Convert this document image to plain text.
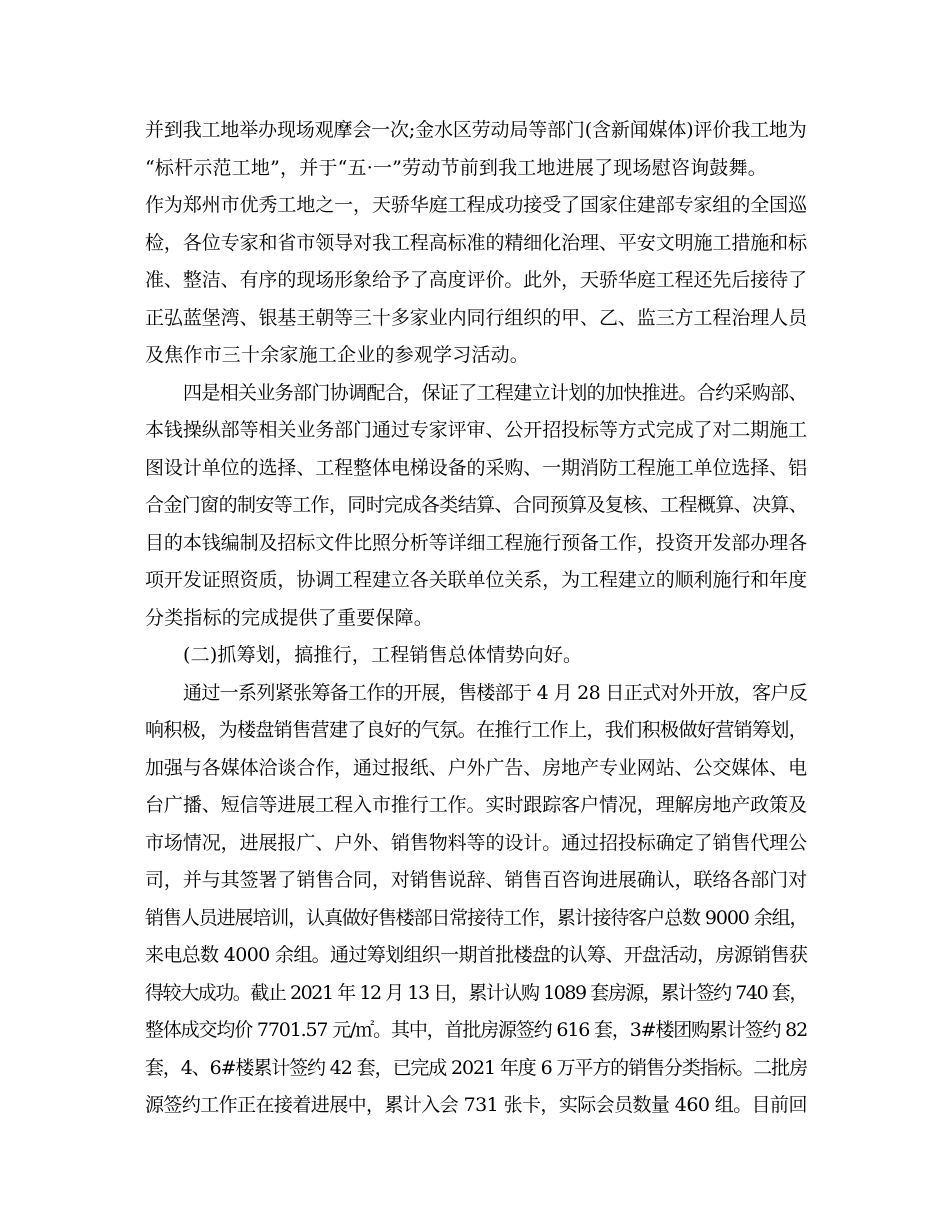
并到我工地举办现场观摩会一次;金水区劳动局等部门(含新闻媒体)评价我工地为
“标杆示范工地”，并于“五·一”劳动节前到我工地进展了现场慰咨询鼓舞。
作为郑州市优秀工地之一，天骄华庭工程成功接受了国家住建部专家组的全国巡
检，各位专家和省市领导对我工程高标准的精细化治理、平安文明施工措施和标
准、整洁、有序的现场形象给予了高度评价。此外，天骄华庭工程还先后接待了
正弘蓝堡湾、银基王朝等三十多家业内同行组织的甲、乙、监三方工程治理人员
及焦作市三十余家施工企业的参观学习活动。
四是相关业务部门协调配合，保证了工程建立计划的加快推进。合约采购部、
本钱操纵部等相关业务部门通过专家评审、公开招投标等方式完成了对二期施工
图设计单位的选择、工程整体电梯设备的采购、一期消防工程施工单位选择、铝
合金门窗的制安等工作，同时完成各类结算、合同预算及复核、工程概算、决算、
目的本钱编制及招标文件比照分析等详细工程施行预备工作，投资开发部办理各
项开发证照资质，协调工程建立各关联单位关系，为工程建立的顺利施行和年度
分类指标的完成提供了重要保障。
(二)抓筹划，搞推行，工程销售总体情势向好。
通过一系列紧张筹备工作的开展，售楼部于 4 月 28 日正式对外开放，客户反
响积极，为楼盘销售营建了良好的气氛。在推行工作上，我们积极做好营销筹划，
加强与各媒体洽谈合作，通过报纸、户外广告、房地产专业网站、公交媒体、电
台广播、短信等进展工程入市推行工作。实时跟踪客户情况，理解房地产政策及
市场情况，进展报广、户外、销售物料等的设计。通过招投标确定了销售代理公
司，并与其签署了销售合同，对销售说辞、销售百咨询进展确认，联络各部门对
销售人员进展培训，认真做好售楼部日常接待工作，累计接待客户总数 9000 余组，
来电总数 4000 余组。通过筹划组织一期首批楼盘的认筹、开盘活动，房源销售获
得较大成功。截止 2021 年 12 月 13 日，累计认购 1089 套房源，累计签约 740 套，
整体成交均价 7701.57 元/㎡。其中，首批房源签约 616 套，3#楼团购累计签约 82
套，4、6#楼累计签约 42 套，已完成 2021 年度 6 万平方的销售分类指标。二批房
源签约工作正在接着进展中，累计入会 731 张卡，实际会员数量 460 组。目前回
